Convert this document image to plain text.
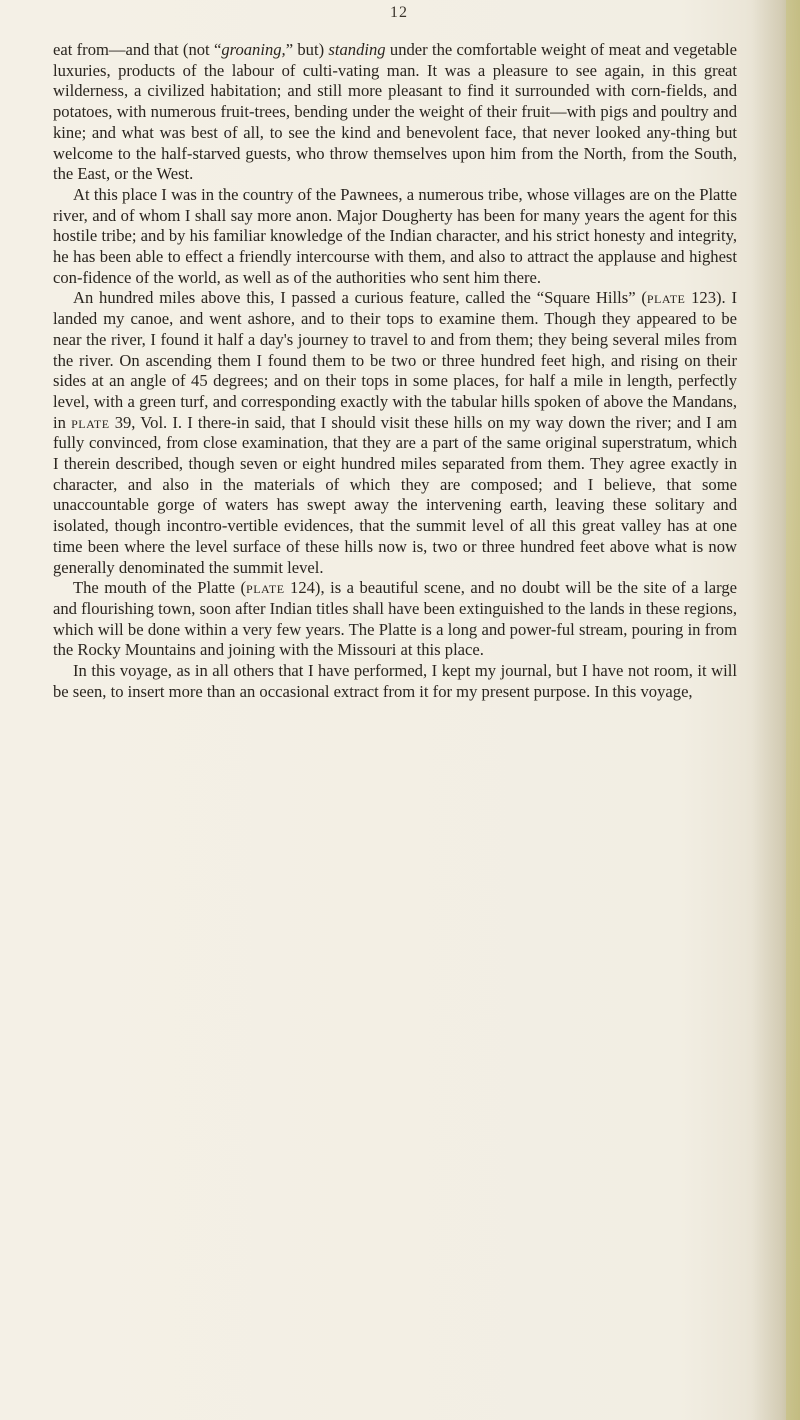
12

eat from—and that (not “groaning,” but) standing under the comfortable weight of meat and vegetable luxuries, products of the labour of culti-vating man. It was a pleasure to see again, in this great wilderness, a civilized habitation; and still more pleasant to find it surrounded with corn-fields, and potatoes, with numerous fruit-trees, bending under the weight of their fruit—with pigs and poultry and kine; and what was best of all, to see the kind and benevolent face, that never looked any-thing but welcome to the half-starved guests, who throw themselves upon him from the North, from the South, the East, or the West.

At this place I was in the country of the Pawnees, a numerous tribe, whose villages are on the Platte river, and of whom I shall say more anon. Major Dougherty has been for many years the agent for this hostile tribe; and by his familiar knowledge of the Indian character, and his strict honesty and integrity, he has been able to effect a friendly intercourse with them, and also to attract the applause and highest con-fidence of the world, as well as of the authorities who sent him there.

An hundred miles above this, I passed a curious feature, called the “Square Hills” (plate 123). I landed my canoe, and went ashore, and to their tops to examine them. Though they appeared to be near the river, I found it half a day's journey to travel to and from them; they being several miles from the river. On ascending them I found them to be two or three hundred feet high, and rising on their sides at an angle of 45 degrees; and on their tops in some places, for half a mile in length, perfectly level, with a green turf, and corresponding exactly with the tabular hills spoken of above the Mandans, in plate 39, Vol. I. I there-in said, that I should visit these hills on my way down the river; and I am fully convinced, from close examination, that they are a part of the same original superstratum, which I therein described, though seven or eight hundred miles separated from them. They agree exactly in character, and also in the materials of which they are composed; and I believe, that some unaccountable gorge of waters has swept away the intervening earth, leaving these solitary and isolated, though incontro-vertible evidences, that the summit level of all this great valley has at one time been where the level surface of these hills now is, two or three hundred feet above what is now generally denominated the summit level.

The mouth of the Platte (plate 124), is a beautiful scene, and no doubt will be the site of a large and flourishing town, soon after Indian titles shall have been extinguished to the lands in these regions, which will be done within a very few years. The Platte is a long and power-ful stream, pouring in from the Rocky Mountains and joining with the Missouri at this place.

In this voyage, as in all others that I have performed, I kept my journal, but I have not room, it will be seen, to insert more than an occasional extract from it for my present purpose. In this voyage,
